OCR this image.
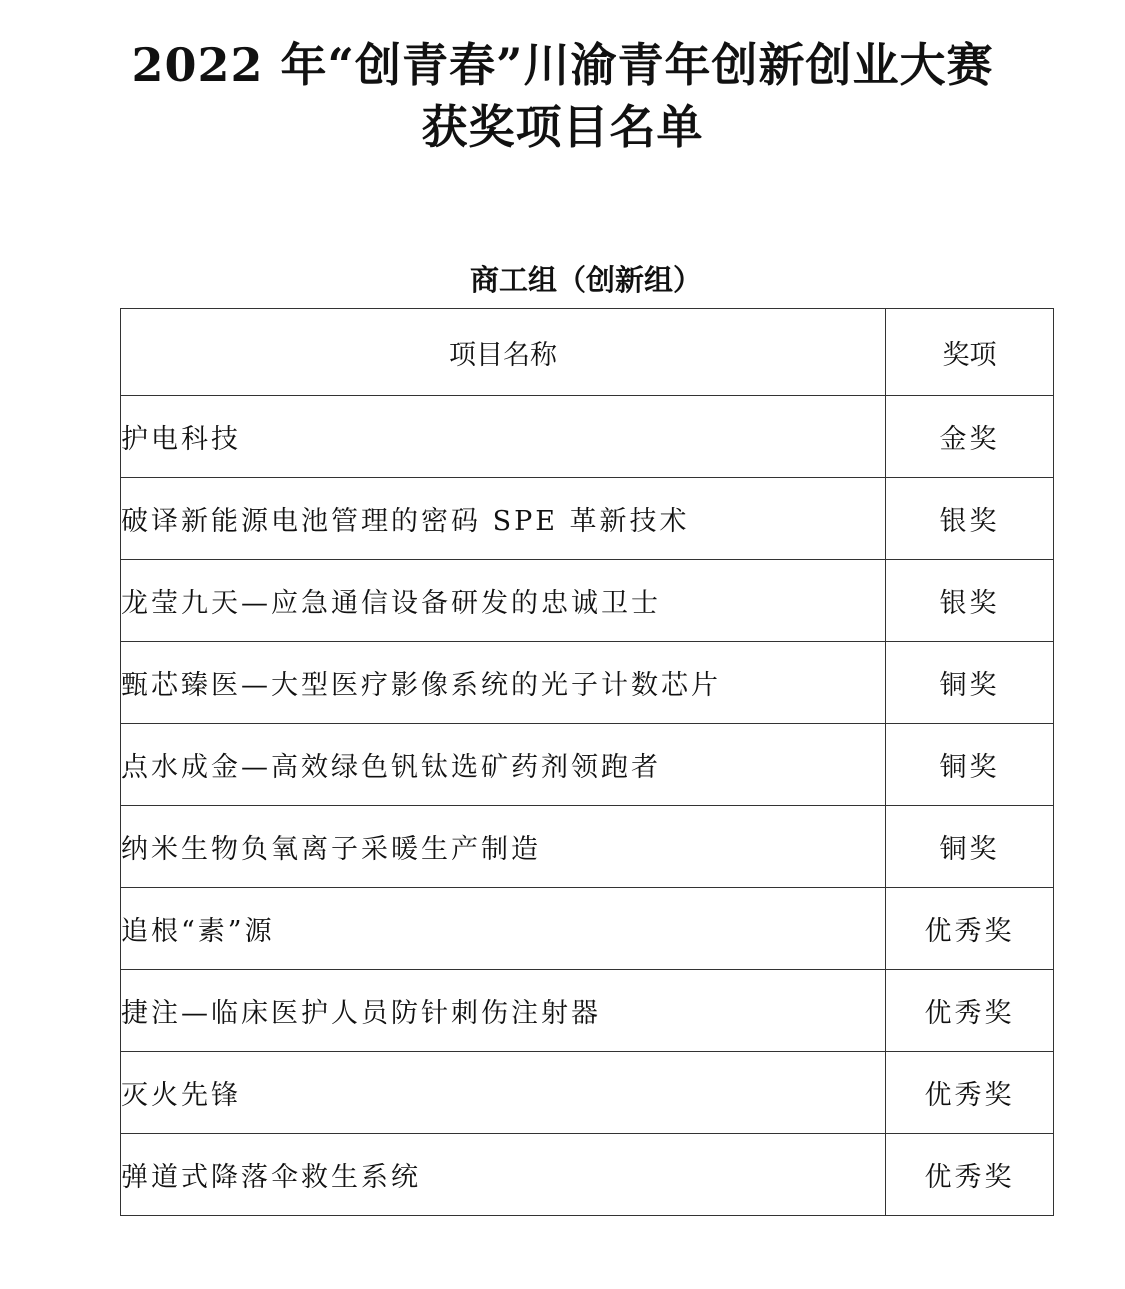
2022 年“创青春”川渝青年创新创业大赛
获奖项目名单
商工组（创新组）
项目名称	奖项
护电科技	金奖
破译新能源电池管理的密码 SPE 革新技术	银奖
龙莹九天—应急通信设备研发的忠诚卫士	银奖
甄芯臻医—大型医疗影像系统的光子计数芯片	铜奖
点水成金—高效绿色钒钛选矿药剂领跑者	铜奖
纳米生物负氧离子采暖生产制造	铜奖
追根“素”源	优秀奖
捷注—临床医护人员防针刺伤注射器	优秀奖
灭火先锋	优秀奖
弹道式降落伞救生系统	优秀奖
